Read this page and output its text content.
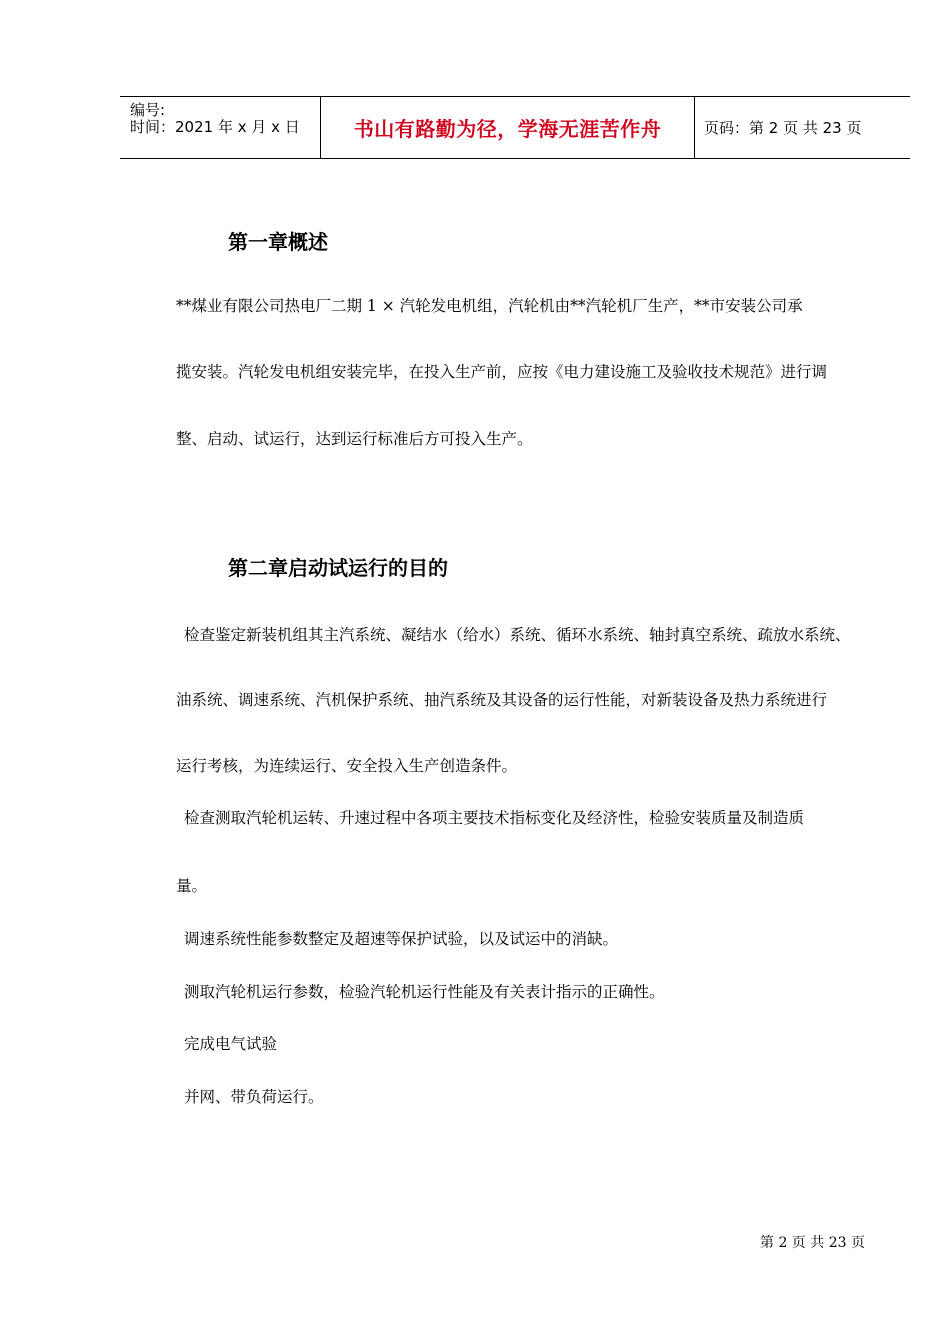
编号:
时间：2021 年 x 月 x 日	书山有路勤为径，学海无涯苦作舟	页码：第 2 页 共 23 页
第一章概述
**煤业有限公司热电厂二期 1 × 汽轮发电机组，汽轮机由**汽轮机厂生产，**市安装公司承
揽安装。汽轮发电机组安装完毕，在投入生产前，应按《电力建设施工及验收技术规范》进行调
整、启动、试运行，达到运行标准后方可投入生产。
第二章启动试运行的目的
检查鉴定新装机组其主汽系统、凝结水（给水）系统、循环水系统、轴封真空系统、疏放水系统、
油系统、调速系统、汽机保护系统、抽汽系统及其设备的运行性能，对新装设备及热力系统进行
运行考核，为连续运行、安全投入生产创造条件。
检查测取汽轮机运转、升速过程中各项主要技术指标变化及经济性，检验安装质量及制造质
量。
调速系统性能参数整定及超速等保护试验，以及试运中的消缺。
测取汽轮机运行参数，检验汽轮机运行性能及有关表计指示的正确性。
完成电气试验
并网、带负荷运行。
第 2 页 共 23 页
